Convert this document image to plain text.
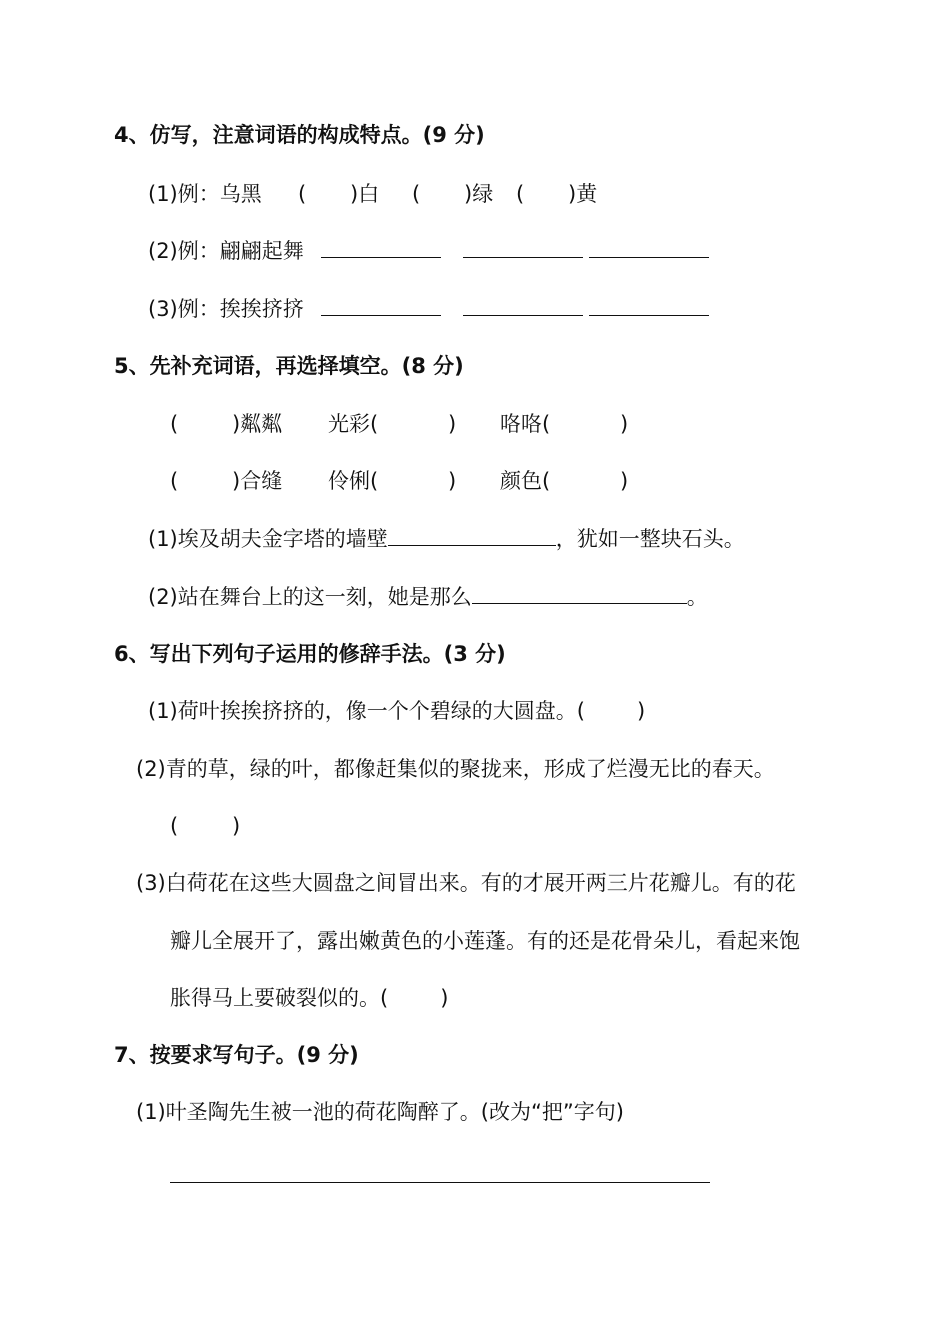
4、仿写，注意词语的构成特点。(9 分)
(1)例：乌黑	(	)白	(	)绿	(	)黄
(2)例：翩翩起舞
(3)例：挨挨挤挤
5、先补充词语，再选择填空。(8 分)
(	)粼粼	光彩(	)	咯咯(	)
(	)合缝	伶俐(	)	颜色(	)
(1)埃及胡夫金字塔的墙壁	，犹如一整块石头。
(2)站在舞台上的这一刻，她是那么	。
6、写出下列句子运用的修辞手法。(3 分)
(1)荷叶挨挨挤挤的，像一个个碧绿的大圆盘。( )
(2)青的草，绿的叶，都像赶集似的聚拢来，形成了烂漫无比的春天。
(	)
(3)白荷花在这些大圆盘之间冒出来。有的才展开两三片花瓣儿。有的花
瓣儿全展开了，露出嫩黄色的小莲蓬。有的还是花骨朵儿，看起来饱
胀得马上要破裂似的。( )
7、按要求写句子。(9 分)
(1)叶圣陶先生被一池的荷花陶醉了。(改为“把”字句)
